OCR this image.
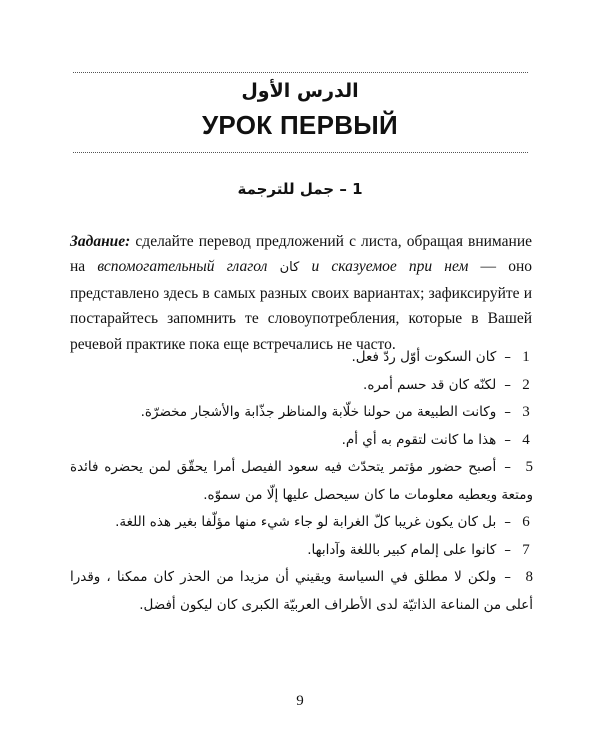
الدرس الأول
УРОК ПЕРВЫЙ
1 – جمل للترجمة

Задание: сделайте перевод предложений с листа, обращая внимание на вспомогательный глагол كان и сказуемое при нем — оно представлено здесь в самых разных своих вариантах; зафиксируйте и постарайтесь запомнить те словоупотребления, которые в Вашей речевой практике пока еще встречались не часто.

1–كان السكوت أوّل ردّ فعل.
2–لكنّه كان قد حسم أمره.
3–وكانت الطبيعة من حولنا خلّابة والمناظر جذّابة والأشجار مخضرّة.
4–هذا ما كانت لتقوم به أي أم.
5–أصبح حضور مؤتمر يتحدّث فيه سعود الفيصل أمرا يحقّق لمن يحضره فائدة ومتعة ويعطيه معلومات ما كان سيحصل عليها إلّا من سموّه.
6–بل كان يكون غريبا كلّ الغرابة لو جاء شيء منها مؤلّفا بغير هذه اللغة.
7–كانوا على إلمام كبير باللغة وآدابها.
8–ولكن لا مطلق في السياسة ويقيني أن مزيدا من الحذر كان ممكنا ، وقدرا أعلى من المناعة الذاتيّة لدى الأطراف العربيّة الكبرى كان ليكون أفضل.
9
